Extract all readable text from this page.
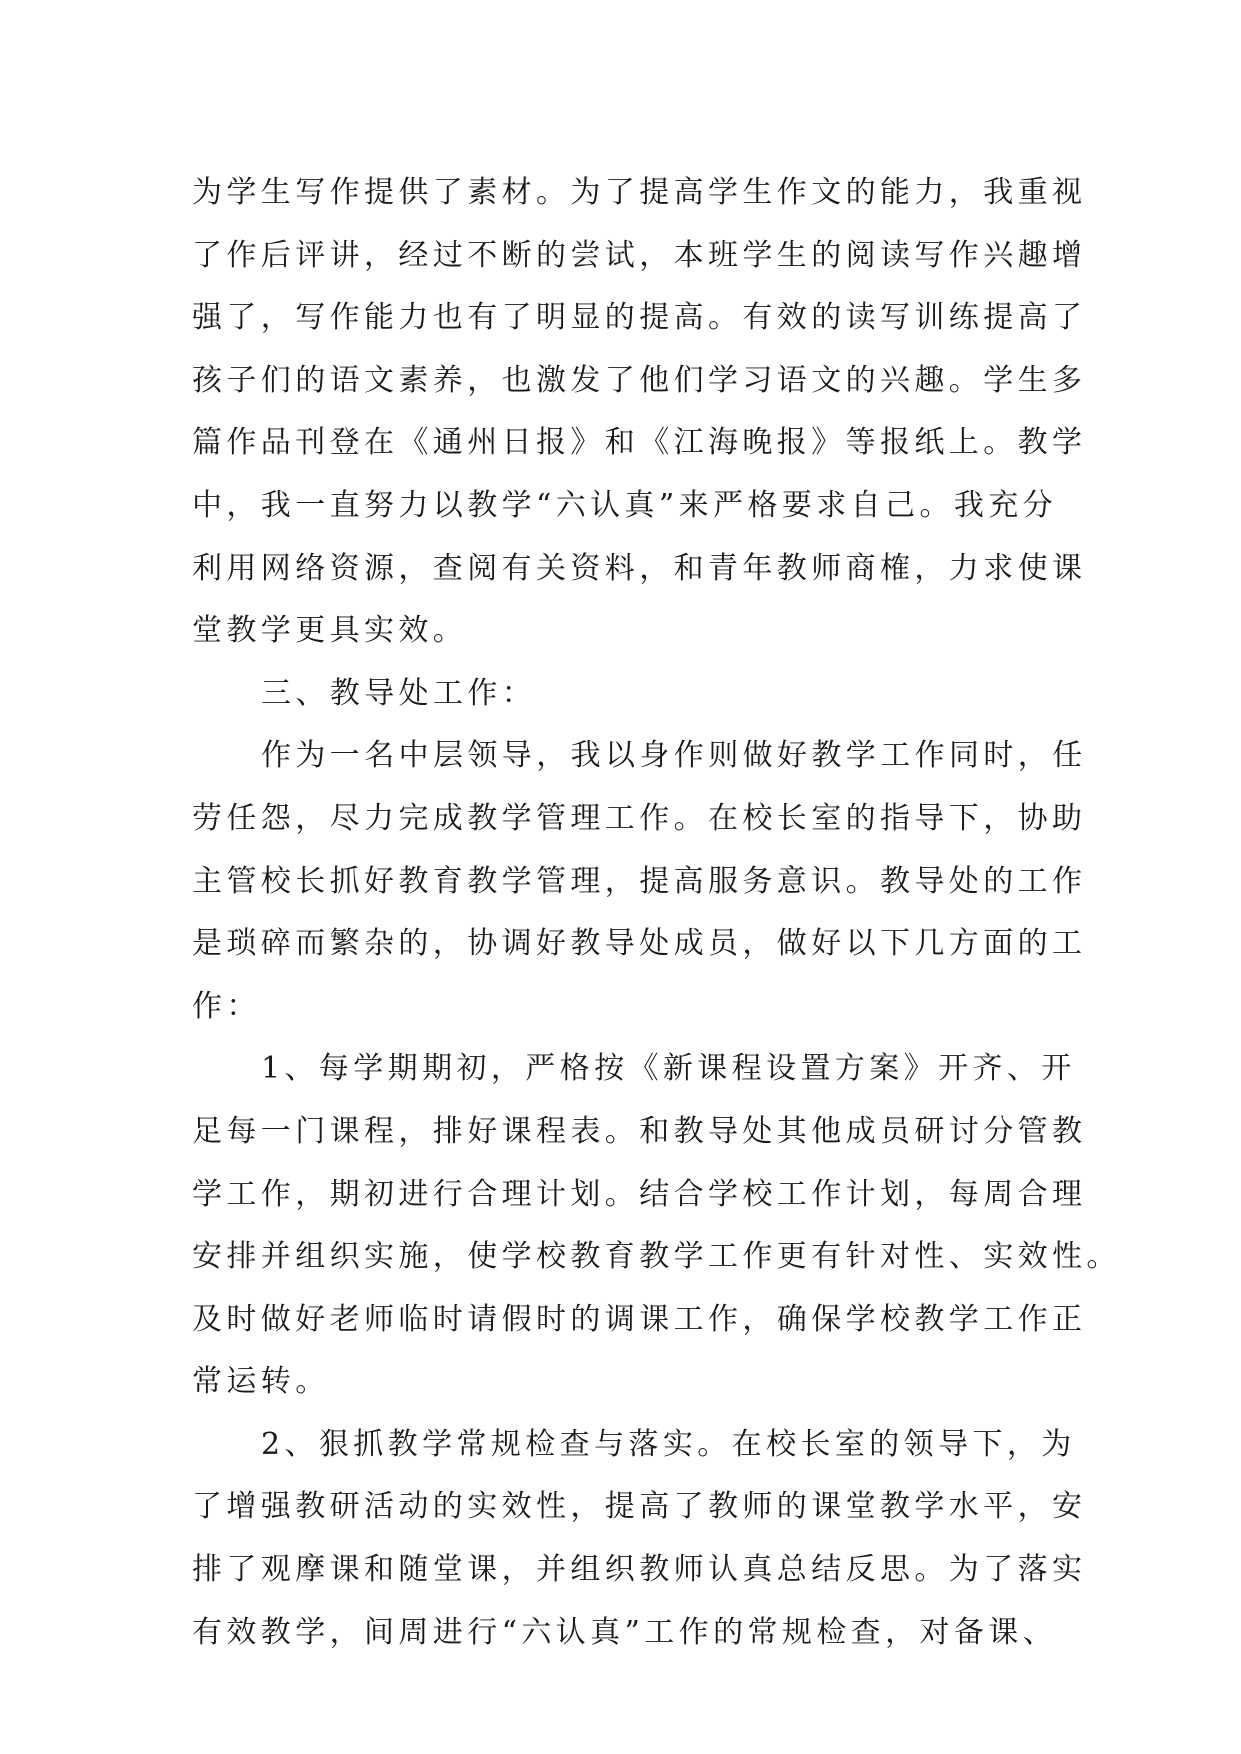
为学生写作提供了素材。为了提高学生作文的能力，我重视
了作后评讲，经过不断的尝试，本班学生的阅读写作兴趣增
强了，写作能力也有了明显的提高。有效的读写训练提高了
孩子们的语文素养，也激发了他们学习语文的兴趣。学生多
篇作品刊登在《通州日报》和《江海晚报》等报纸上。教学
中，我一直努力以教学“六认真”来严格要求自己。我充分
利用网络资源，查阅有关资料，和青年教师商榷，力求使课
堂教学更具实效。
三、教导处工作：
作为一名中层领导，我以身作则做好教学工作同时，任
劳任怨，尽力完成教学管理工作。在校长室的指导下，协助
主管校长抓好教育教学管理，提高服务意识。教导处的工作
是琐碎而繁杂的，协调好教导处成员，做好以下几方面的工
作：
1、每学期期初，严格按《新课程设置方案》开齐、开
足每一门课程，排好课程表。和教导处其他成员研讨分管教
学工作，期初进行合理计划。结合学校工作计划，每周合理
安排并组织实施，使学校教育教学工作更有针对性、实效性。
及时做好老师临时请假时的调课工作，确保学校教学工作正
常运转。
2、狠抓教学常规检查与落实。在校长室的领导下，为
了增强教研活动的实效性，提高了教师的课堂教学水平，安
排了观摩课和随堂课，并组织教师认真总结反思。为了落实
有效教学，间周进行“六认真”工作的常规检查，对备课、
